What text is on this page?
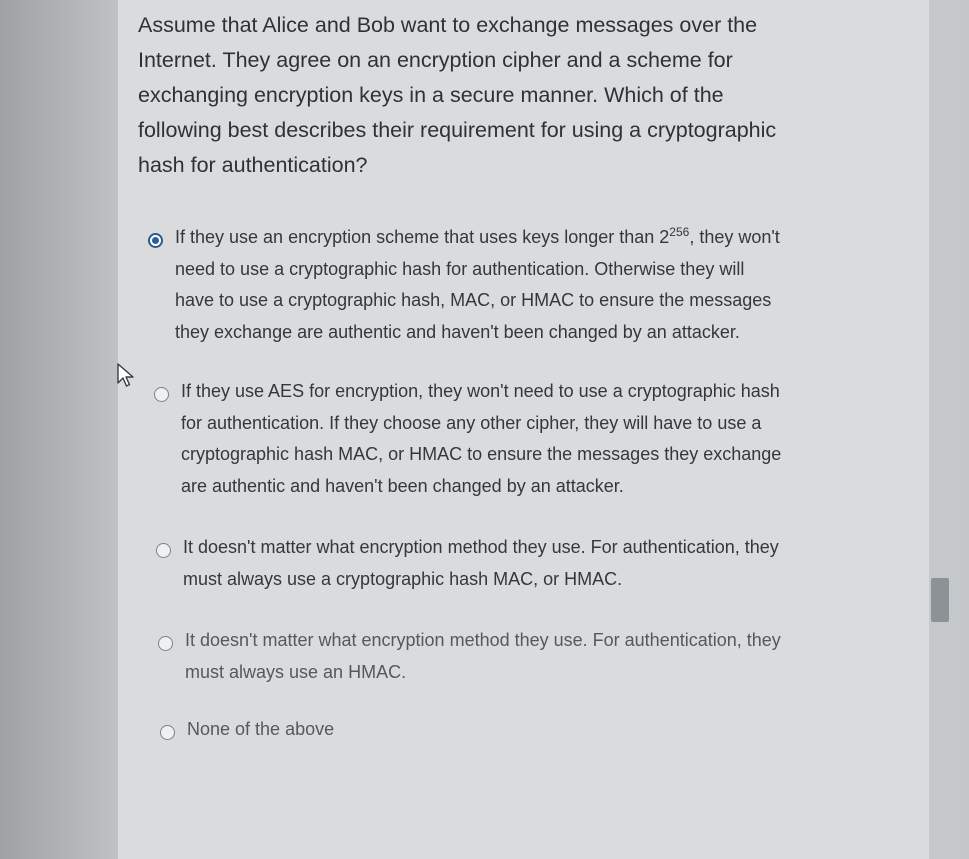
Assume that Alice and Bob want to exchange messages over the Internet. They agree on an encryption cipher and a scheme for exchanging encryption keys in a secure manner. Which of the following best describes their requirement for using a cryptographic hash for authentication?
If they use an encryption scheme that uses keys longer than $2^{256}$, they won't need to use a cryptographic hash for authentication. Otherwise they will have to use a cryptographic hash, MAC, or HMAC to ensure the messages they exchange are authentic and haven't been changed by an attacker.
If they use AES for encryption, they won't need to use a cryptographic hash for authentication. If they choose any other cipher, they will have to use a cryptographic hash MAC, or HMAC to ensure the messages they exchange are authentic and haven't been changed by an attacker.
It doesn't matter what encryption method they use. For authentication, they must always use a cryptographic hash MAC, or HMAC.
It doesn't matter what encryption method they use. For authentication, they must always use an HMAC.
None of the above
